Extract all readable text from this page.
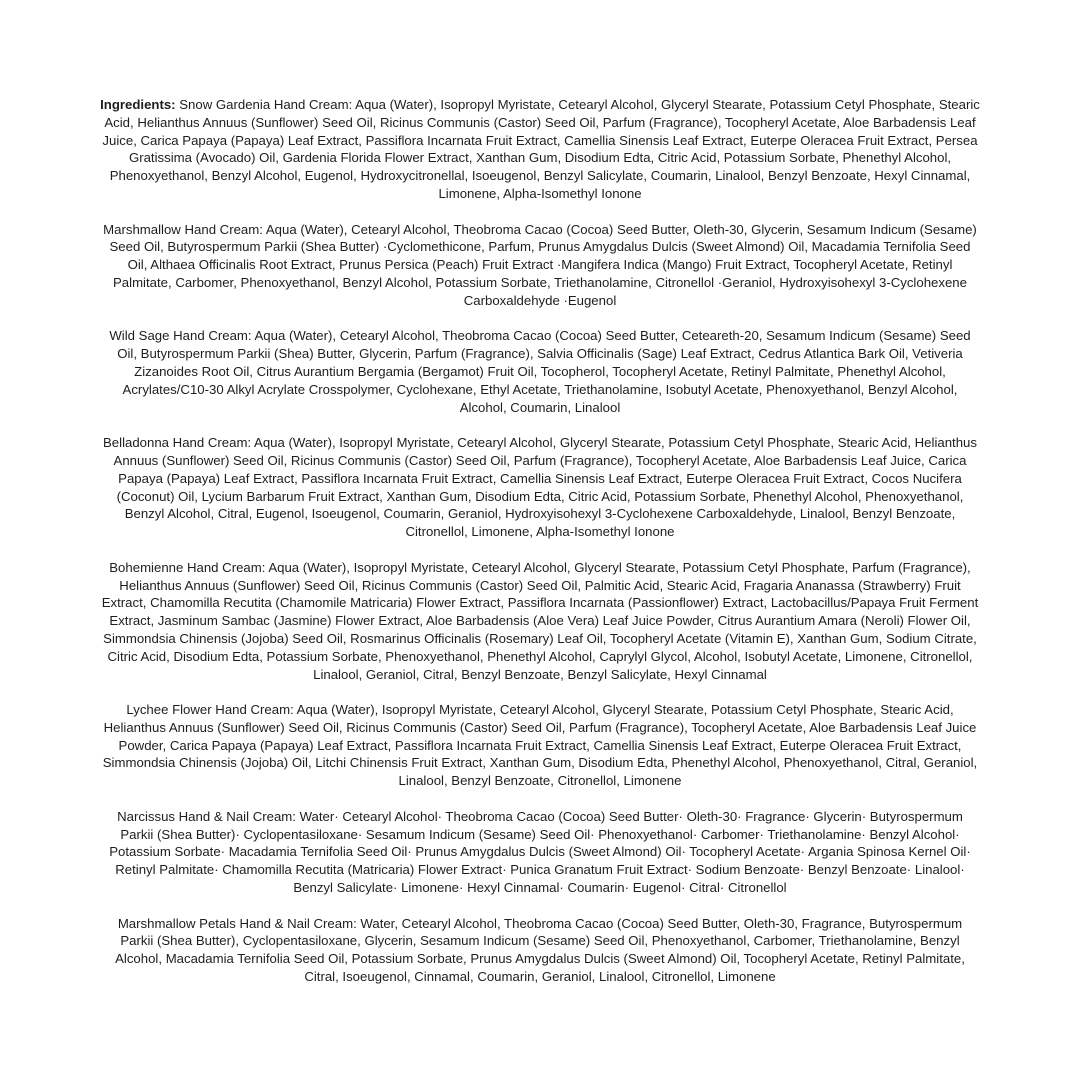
Ingredients: Snow Gardenia Hand Cream: Aqua (Water), Isopropyl Myristate, Cetearyl Alcohol, Glyceryl Stearate, Potassium Cetyl Phosphate, Stearic Acid, Helianthus Annuus (Sunflower) Seed Oil, Ricinus Communis (Castor) Seed Oil, Parfum (Fragrance), Tocopheryl Acetate, Aloe Barbadensis Leaf Juice, Carica Papaya (Papaya) Leaf Extract, Passiflora Incarnata Fruit Extract, Camellia Sinensis Leaf Extract, Euterpe Oleracea Fruit Extract, Persea Gratissima (Avocado) Oil, Gardenia Florida Flower Extract, Xanthan Gum, Disodium Edta, Citric Acid, Potassium Sorbate, Phenethyl Alcohol, Phenoxyethanol, Benzyl Alcohol, Eugenol, Hydroxycitronellal, Isoeugenol, Benzyl Salicylate, Coumarin, Linalool, Benzyl Benzoate, Hexyl Cinnamal, Limonene, Alpha-Isomethyl Ionone

Marshmallow Hand Cream: Aqua (Water), Cetearyl Alcohol, Theobroma Cacao (Cocoa) Seed Butter, Oleth-30, Glycerin, Sesamum Indicum (Sesame) Seed Oil, Butyrospermum Parkii (Shea Butter) ·Cyclomethicone, Parfum, Prunus Amygdalus Dulcis (Sweet Almond) Oil, Macadamia Ternifolia Seed Oil, Althaea Officinalis Root Extract, Prunus Persica (Peach) Fruit Extract ·Mangifera Indica (Mango) Fruit Extract, Tocopheryl Acetate, Retinyl Palmitate, Carbomer, Phenoxyethanol, Benzyl Alcohol, Potassium Sorbate, Triethanolamine, Citronellol ·Geraniol, Hydroxyisohexyl 3-Cyclohexene Carboxaldehyde ·Eugenol

Wild Sage Hand Cream: Aqua (Water), Cetearyl Alcohol, Theobroma Cacao (Cocoa) Seed Butter, Ceteareth-20, Sesamum Indicum (Sesame) Seed Oil, Butyrospermum Parkii (Shea) Butter, Glycerin, Parfum (Fragrance), Salvia Officinalis (Sage) Leaf Extract, Cedrus Atlantica Bark Oil, Vetiveria Zizanoides Root Oil, Citrus Aurantium Bergamia (Bergamot) Fruit Oil, Tocopherol, Tocopheryl Acetate, Retinyl Palmitate, Phenethyl Alcohol, Acrylates/C10-30 Alkyl Acrylate Crosspolymer, Cyclohexane, Ethyl Acetate, Triethanolamine, Isobutyl Acetate, Phenoxyethanol, Benzyl Alcohol, Alcohol, Coumarin, Linalool

Belladonna Hand Cream: Aqua (Water), Isopropyl Myristate, Cetearyl Alcohol, Glyceryl Stearate, Potassium Cetyl Phosphate, Stearic Acid, Helianthus Annuus (Sunflower) Seed Oil, Ricinus Communis (Castor) Seed Oil, Parfum (Fragrance), Tocopheryl Acetate, Aloe Barbadensis Leaf Juice, Carica Papaya (Papaya) Leaf Extract, Passiflora Incarnata Fruit Extract, Camellia Sinensis Leaf Extract, Euterpe Oleracea Fruit Extract, Cocos Nucifera (Coconut) Oil, Lycium Barbarum Fruit Extract, Xanthan Gum, Disodium Edta, Citric Acid, Potassium Sorbate, Phenethyl Alcohol, Phenoxyethanol, Benzyl Alcohol, Citral, Eugenol, Isoeugenol, Coumarin, Geraniol, Hydroxyisohexyl 3-Cyclohexene Carboxaldehyde, Linalool, Benzyl Benzoate, Citronellol, Limonene, Alpha-Isomethyl Ionone

Bohemienne Hand Cream: Aqua (Water), Isopropyl Myristate, Cetearyl Alcohol, Glyceryl Stearate, Potassium Cetyl Phosphate, Parfum (Fragrance), Helianthus Annuus (Sunflower) Seed Oil, Ricinus Communis (Castor) Seed Oil, Palmitic Acid, Stearic Acid, Fragaria Ananassa (Strawberry) Fruit Extract, Chamomilla Recutita (Chamomile Matricaria) Flower Extract, Passiflora Incarnata (Passionflower) Extract, Lactobacillus/Papaya Fruit Ferment Extract, Jasminum Sambac (Jasmine) Flower Extract, Aloe Barbadensis (Aloe Vera) Leaf Juice Powder, Citrus Aurantium Amara (Neroli) Flower Oil, Simmondsia Chinensis (Jojoba) Seed Oil, Rosmarinus Officinalis (Rosemary) Leaf Oil, Tocopheryl Acetate (Vitamin E), Xanthan Gum, Sodium Citrate, Citric Acid, Disodium Edta, Potassium Sorbate, Phenoxyethanol, Phenethyl Alcohol, Caprylyl Glycol, Alcohol, Isobutyl Acetate, Limonene, Citronellol, Linalool, Geraniol, Citral, Benzyl Benzoate, Benzyl Salicylate, Hexyl Cinnamal

Lychee Flower Hand Cream: Aqua (Water), Isopropyl Myristate, Cetearyl Alcohol, Glyceryl Stearate, Potassium Cetyl Phosphate, Stearic Acid, Helianthus Annuus (Sunflower) Seed Oil, Ricinus Communis (Castor) Seed Oil, Parfum (Fragrance), Tocopheryl Acetate, Aloe Barbadensis Leaf Juice Powder, Carica Papaya (Papaya) Leaf Extract, Passiflora Incarnata Fruit Extract, Camellia Sinensis Leaf Extract, Euterpe Oleracea Fruit Extract, Simmondsia Chinensis (Jojoba) Oil, Litchi Chinensis Fruit Extract, Xanthan Gum, Disodium Edta, Phenethyl Alcohol, Phenoxyethanol, Citral, Geraniol, Linalool, Benzyl Benzoate, Citronellol, Limonene

Narcissus Hand & Nail Cream: Water· Cetearyl Alcohol· Theobroma Cacao (Cocoa) Seed Butter· Oleth-30· Fragrance· Glycerin· Butyrospermum Parkii (Shea Butter)· Cyclopentasiloxane· Sesamum Indicum (Sesame) Seed Oil· Phenoxyethanol· Carbomer· Triethanolamine· Benzyl Alcohol· Potassium Sorbate· Macadamia Ternifolia Seed Oil· Prunus Amygdalus Dulcis (Sweet Almond) Oil· Tocopheryl Acetate· Argania Spinosa Kernel Oil· Retinyl Palmitate· Chamomilla Recutita (Matricaria) Flower Extract· Punica Granatum Fruit Extract· Sodium Benzoate· Benzyl Benzoate· Linalool· Benzyl Salicylate· Limonene· Hexyl Cinnamal· Coumarin· Eugenol· Citral· Citronellol

Marshmallow Petals Hand & Nail Cream: Water, Cetearyl Alcohol, Theobroma Cacao (Cocoa) Seed Butter, Oleth-30, Fragrance, Butyrospermum Parkii (Shea Butter), Cyclopentasiloxane, Glycerin, Sesamum Indicum (Sesame) Seed Oil, Phenoxyethanol, Carbomer, Triethanolamine, Benzyl Alcohol, Macadamia Ternifolia Seed Oil, Potassium Sorbate, Prunus Amygdalus Dulcis (Sweet Almond) Oil, Tocopheryl Acetate, Retinyl Palmitate, Citral, Isoeugenol, Cinnamal, Coumarin, Geraniol, Linalool, Citronellol, Limonene
